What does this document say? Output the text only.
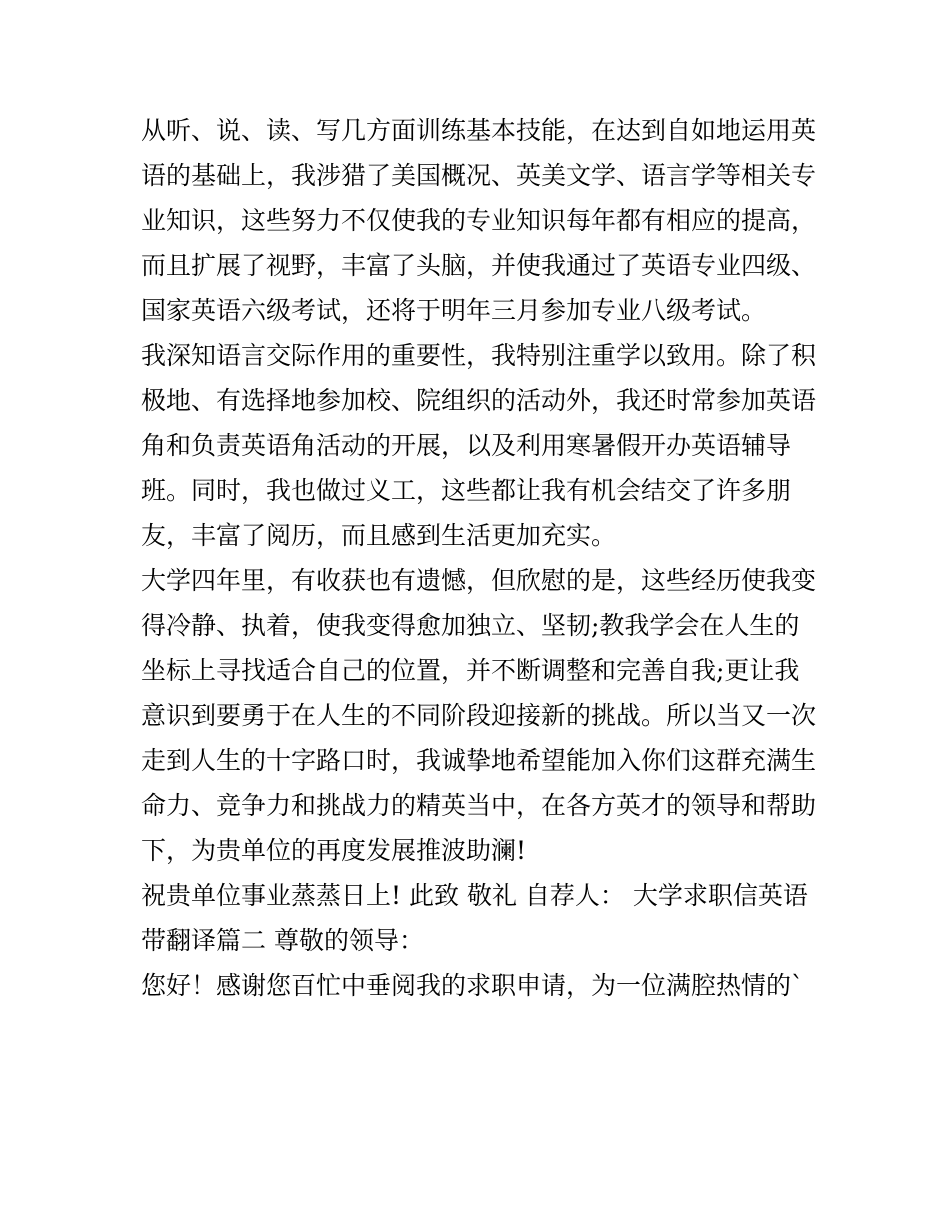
从听、说、读、写几方面训练基本技能，在达到自如地运用英
语的基础上，我涉猎了美国概况、英美文学、语言学等相关专
业知识，这些努力不仅使我的专业知识每年都有相应的提高，
而且扩展了视野，丰富了头脑，并使我通过了英语专业四级、
国家英语六级考试，还将于明年三月参加专业八级考试。
我深知语言交际作用的重要性，我特别注重学以致用。除了积
极地、有选择地参加校、院组织的活动外，我还时常参加英语
角和负责英语角活动的开展，以及利用寒暑假开办英语辅导
班。同时，我也做过义工，这些都让我有机会结交了许多朋
友，丰富了阅历，而且感到生活更加充实。
大学四年里，有收获也有遗憾，但欣慰的是，这些经历使我变
得冷静、执着，使我变得愈加独立、坚韧;教我学会在人生的
坐标上寻找适合自己的位置，并不断调整和完善自我;更让我
意识到要勇于在人生的不同阶段迎接新的挑战。所以当又一次
走到人生的十字路口时，我诚挚地希望能加入你们这群充满生
命力、竞争力和挑战力的精英当中，在各方英才的领导和帮助
下，为贵单位的再度发展推波助澜!
祝贵单位事业蒸蒸日上! 此致 敬礼 自荐人： 大学求职信英语
带翻译篇二 尊敬的领导：
您好！感谢您百忙中垂阅我的求职申请，为一位满腔热情的`
